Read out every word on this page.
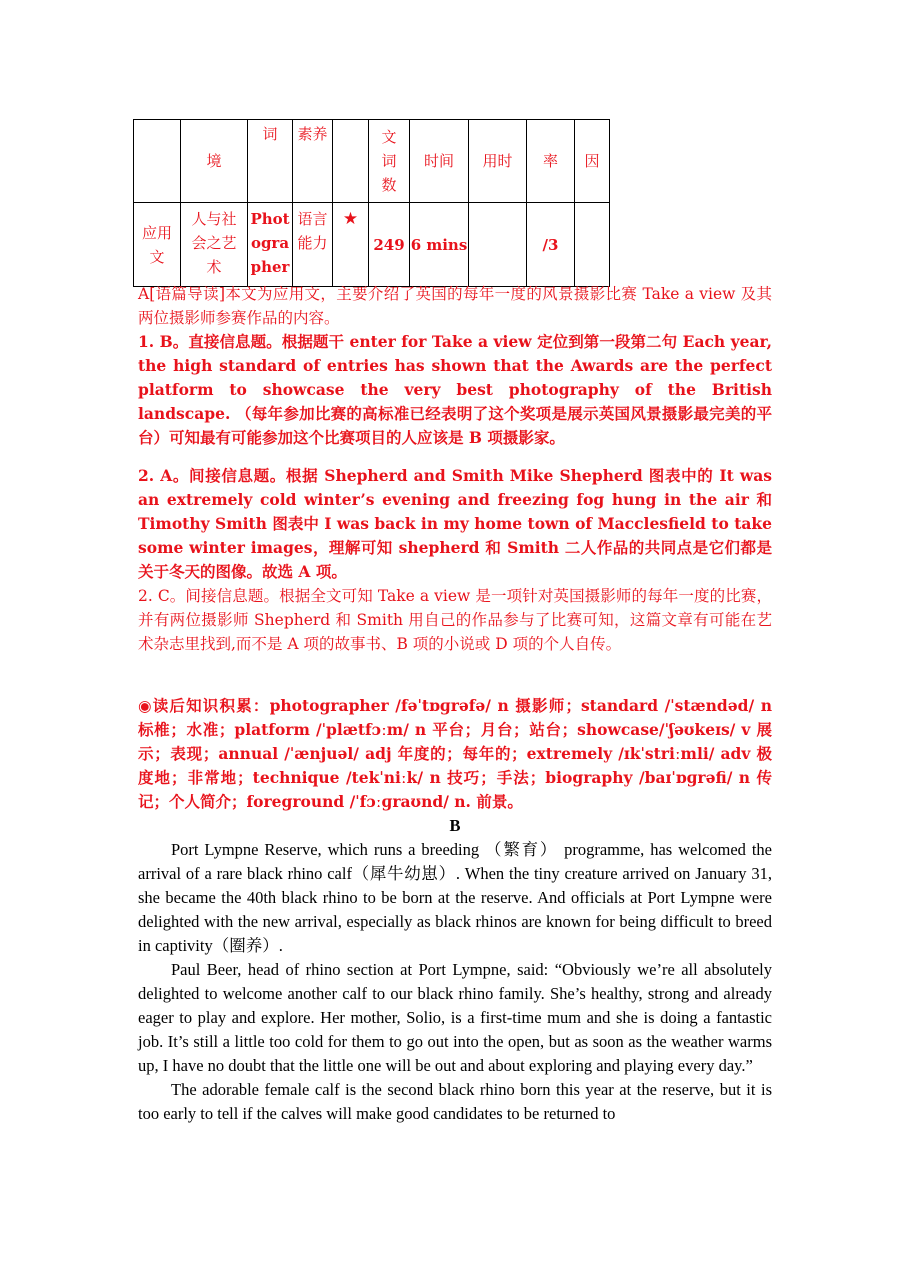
	境	词	素养		文词数	时间	用时	率	因
应用文	人与社会之艺术	Photographer	语言能力	★	249	6 mins		/3	

A[语篇导读]本文为应用文，主要介绍了英国的每年一度的风景摄影比赛 Take a view 及其两位摄影师参赛作品的内容。

1. B。直接信息题。根据题干 enter for Take a view 定位到第一段第二句 Each year, the high standard of entries has shown that the Awards are the perfect platform to showcase the very best photography of the British landscape. （每年参加比赛的高标准已经表明了这个奖项是展示英国风景摄影最完美的平台）可知最有可能参加这个比赛项目的人应该是 B 项摄影家。

2. A。间接信息题。根据 Shepherd and Smith Mike Shepherd 图表中的 It was an extremely cold winter’s evening and freezing fog hung in the air 和 Timothy Smith 图表中 I was back in my home town of Macclesfield to take some winter images，理解可知 shepherd 和 Smith 二人作品的共同点是它们都是关于冬天的图像。故选 A 项。

2. C。间接信息题。根据全文可知 Take a view 是一项针对英国摄影师的每年一度的比赛，并有两位摄影师 Shepherd 和 Smith 用自己的作品参与了比赛可知，这篇文章有可能在艺术杂志里找到,而不是 A 项的故事书、B 项的小说或 D 项的个人自传。

◉读后知识积累：photographer /fəˈtɒɡrəfə/ n 摄影师；standard /ˈstændəd/ n 标椎；水准；platform /ˈplætfɔːm/ n 平台；月台；站台；showcase/ˈʃəʊkeɪs/ v 展示；表现；annual /ˈænjuəl/ adj 年度的；每年的；extremely /ɪkˈstriːmli/ adv 极度地；非常地；technique /tekˈniːk/ n 技巧；手法；biography /baɪˈɒɡrəfi/ n 传记；个人简介；foreground /ˈfɔːɡraʊnd/ n. 前景。

B

Port Lympne Reserve, which runs a breeding （繁育） programme, has welcomed the arrival of a rare black rhino calf（犀牛幼崽）. When the tiny creature arrived on January 31, she became the 40th black rhino to be born at the reserve. And officials at Port Lympne were delighted with the new arrival, especially as black rhinos are known for being difficult to breed in captivity（圈养）.

Paul Beer, head of rhino section at Port Lympne, said: “Obviously we’re all absolutely delighted to welcome another calf to our black rhino family. She’s healthy, strong and already eager to play and explore. Her mother, Solio, is a first-time mum and she is doing a fantastic job. It’s still a little too cold for them to go out into the open, but as soon as the weather warms up, I have no doubt that the little one will be out and about exploring and playing every day.”

The adorable female calf is the second black rhino born this year at the reserve, but it is too early to tell if the calves will make good candidates to be returned to
